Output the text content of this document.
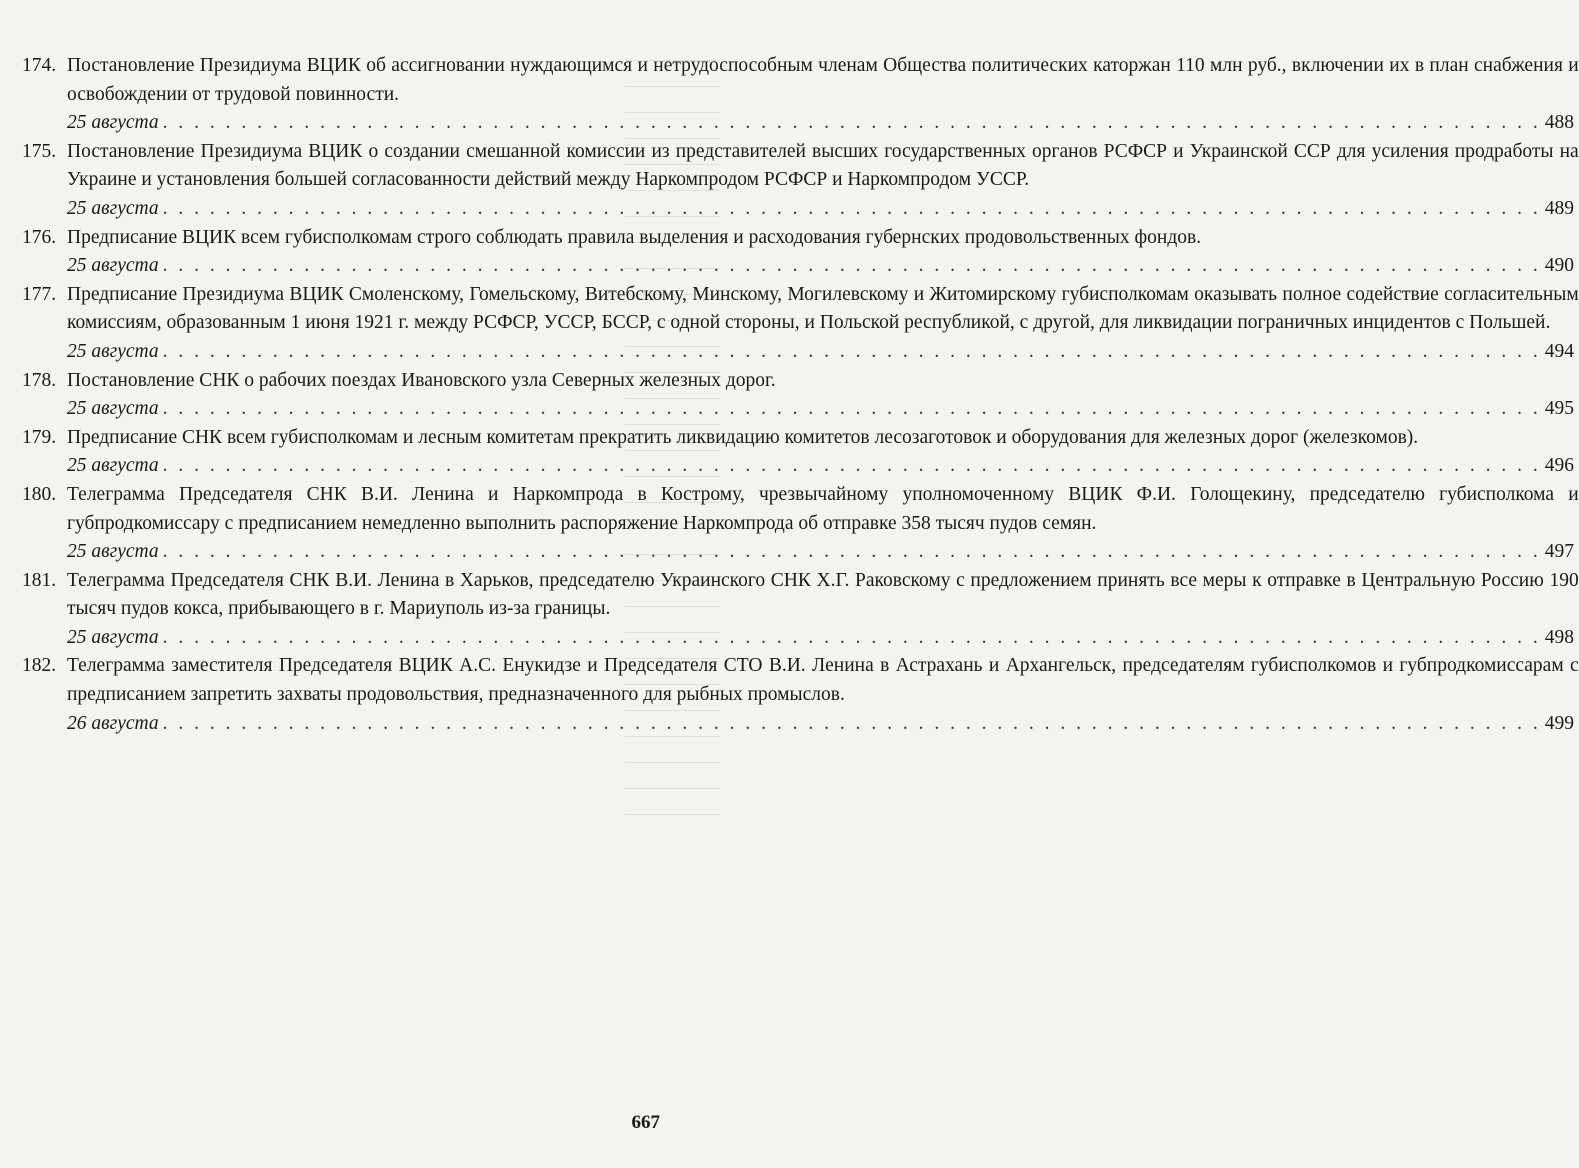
174. Постановление Президиума ВЦИК об ассигновании нуждающимся и нетрудоспособным членам Общества политических каторжан 110 млн руб., включении их в план снабжения и освобождении от трудовой повинности.
25 августа . . .	488
175. Постановление Президиума ВЦИК о создании смешанной комиссии из представителей высших государственных органов РСФСР и Украинской ССР для усиления продработы на Украине и установления большей согласованности действий между Наркомпродом РСФСР и Наркомпродом УССР.
25 августа . . .	489
176. Предписание ВЦИК всем губисполкомам строго соблюдать правила выделения и расходования губернских продовольственных фондов.
25 августа . . .	490
177. Предписание Президиума ВЦИК Смоленскому, Гомельскому, Витебскому, Минскому, Могилевскому и Житомирскому губисполкомам оказывать полное содействие согласительным комиссиям, образованным 1 июня 1921 г. между РСФСР, УССР, БССР, с одной стороны, и Польской республикой, с другой, для ликвидации пограничных инцидентов с Польшей.
25 августа . . .	494
178. Постановление СНК о рабочих поездах Ивановского узла Северных железных дорог.
25 августа . . .	495
179. Предписание СНК всем губисполкомам и лесным комитетам прекратить ликвидацию комитетов лесозаготовок и оборудования для железных дорог (железкомов).
25 августа . . .	496
180. Телеграмма Председателя СНК В.И. Ленина и Наркомпрода в Кострому, чрезвычайному уполномоченному ВЦИК Ф.И. Голощекину, председателю губисполкома и губпродкомиссару с предписанием немедленно выполнить распоряжение Наркомпрода об отправке 358 тысяч пудов семян.
25 августа . . .	497
181. Телеграмма Председателя СНК В.И. Ленина в Харьков, председателю Украинского СНК Х.Г. Раковскому с предложением принять все меры к отправке в Центральную Россию 190 тысяч пудов кокса, прибывающего в г. Мариуполь из-за границы.
25 августа . . .	498
182. Телеграмма заместителя Председателя ВЦИК А.С. Енукидзе и Председателя СТО В.И. Ленина в Астрахань и Архангельск, председателям губисполкомов и губпродкомиссарам с предписанием запретить захваты продовольствия, предназначенного для рыбных промыслов.
26 августа . . .	499
667
